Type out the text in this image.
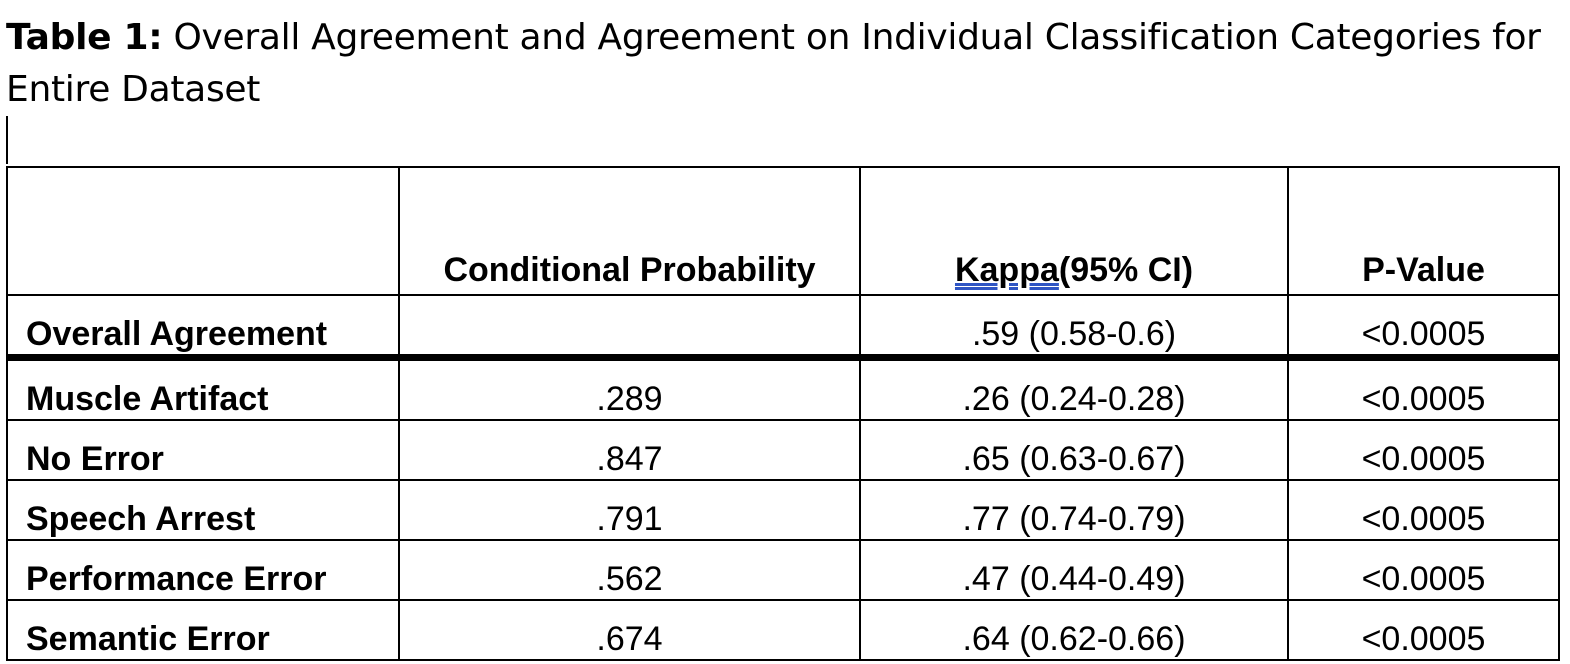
Table 1: Overall Agreement and Agreement on Individual Classification Categories for Entire Dataset
	Conditional Probability	Kappa(95% CI)	P-Value
Overall Agreement		.59 (0.58-0.6)	<0.0005
Muscle Artifact	.289	.26 (0.24-0.28)	<0.0005
No Error	.847	.65 (0.63-0.67)	<0.0005
Speech Arrest	.791	.77 (0.74-0.79)	<0.0005
Performance Error	.562	.47 (0.44-0.49)	<0.0005
Semantic Error	.674	.64 (0.62-0.66)	<0.0005
